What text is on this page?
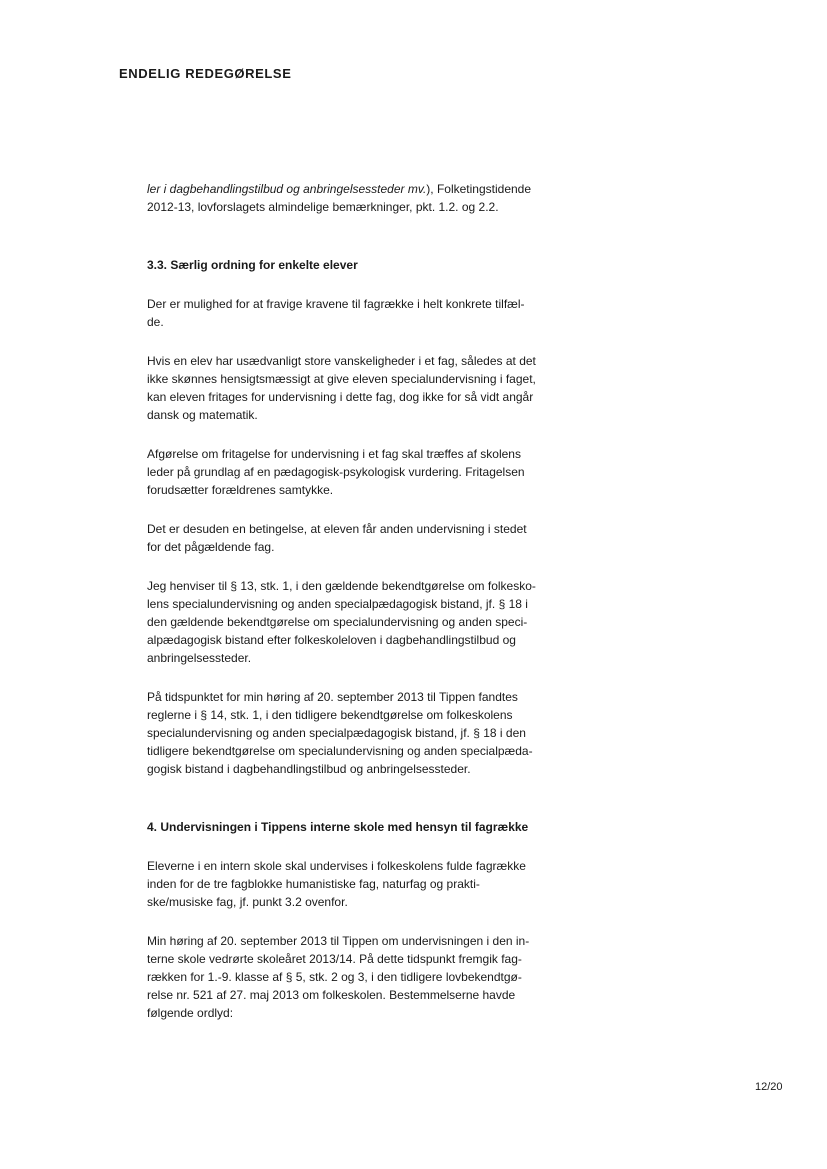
ENDELIG REDEGØRELSE

ler i dagbehandlingstilbud og anbringelsessteder mv.), Folketingstidende
2012-13, lovforslagets almindelige bemærkninger, pkt. 1.2. og 2.2.

3.3. Særlig ordning for enkelte elever

Der er mulighed for at fravige kravene til fagrække i helt konkrete tilfæl-
de.

Hvis en elev har usædvanligt store vanskeligheder i et fag, således at det
ikke skønnes hensigtsmæssigt at give eleven specialundervisning i faget,
kan eleven fritages for undervisning i dette fag, dog ikke for så vidt angår
dansk og matematik.

Afgørelse om fritagelse for undervisning i et fag skal træffes af skolens
leder på grundlag af en pædagogisk-psykologisk vurdering. Fritagelsen
forudsætter forældrenes samtykke.

Det er desuden en betingelse, at eleven får anden undervisning i stedet
for det pågældende fag.

Jeg henviser til § 13, stk. 1, i den gældende bekendtgørelse om folkesko-
lens specialundervisning og anden specialpædagogisk bistand, jf. § 18 i
den gældende bekendtgørelse om specialundervisning og anden speci-
alpædagogisk bistand efter folkeskoleloven i dagbehandlingstilbud og
anbringelsessteder.

På tidspunktet for min høring af 20. september 2013 til Tippen fandtes
reglerne i § 14, stk. 1, i den tidligere bekendtgørelse om folkeskolens
specialundervisning og anden specialpædagogisk bistand, jf. § 18 i den
tidligere bekendtgørelse om specialundervisning og anden specialpæda-
gogisk bistand i dagbehandlingstilbud og anbringelsessteder.

4. Undervisningen i Tippens interne skole med hensyn til fagrække

Eleverne i en intern skole skal undervises i folkeskolens fulde fagrække
inden for de tre fagblokke humanistiske fag, naturfag og prakti-
ske/musiske fag, jf. punkt 3.2 ovenfor.

Min høring af 20. september 2013 til Tippen om undervisningen i den in-
terne skole vedrørte skoleåret 2013/14. På dette tidspunkt fremgik fag-
rækken for 1.-9. klasse af § 5, stk. 2 og 3, i den tidligere lovbekendtgø-
relse nr. 521 af 27. maj 2013 om folkeskolen. Bestemmelserne havde
følgende ordlyd:

12/20
